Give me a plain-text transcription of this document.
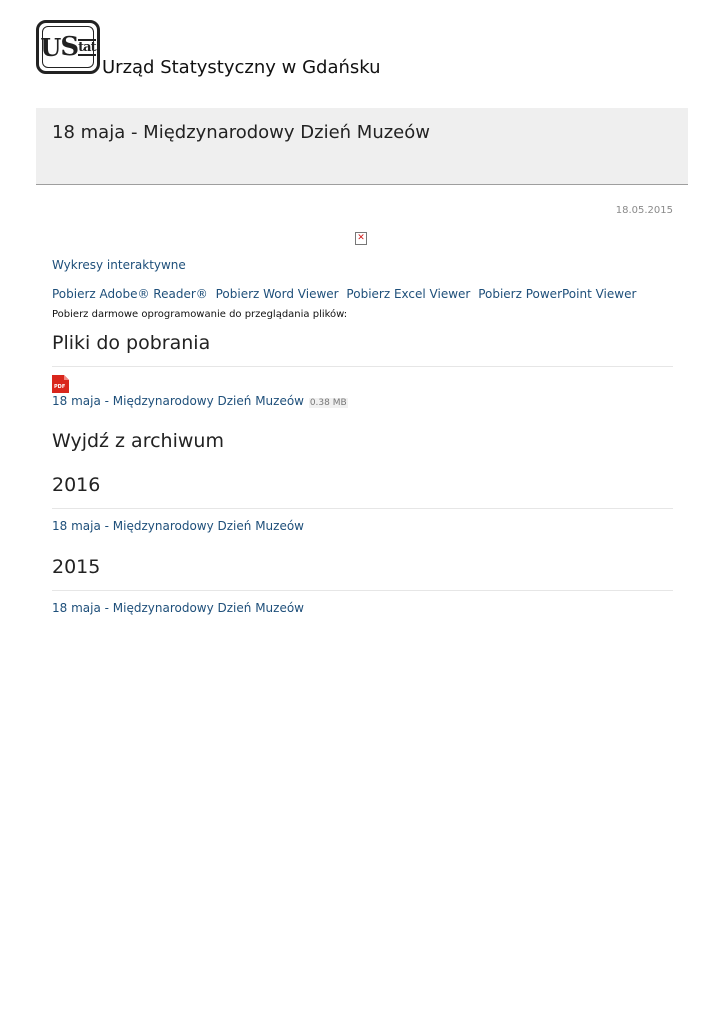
U S tat
Urząd Statystyczny w Gdańsku
18 maja - Międzynarodowy Dzień Muzeów
18.05.2015
✕
Wykresy interaktywne
Pobierz Adobe® Reader® Pobierz Word Viewer Pobierz Excel Viewer Pobierz PowerPoint Viewer Pobierz darmowe oprogramowanie do przeglądania plików:
Pliki do pobrania
PDF
18 maja - Międzynarodowy Dzień Muzeów 0.38 MB
Wyjdź z archiwum
2016
18 maja - Międzynarodowy Dzień Muzeów
2015
18 maja - Międzynarodowy Dzień Muzeów
